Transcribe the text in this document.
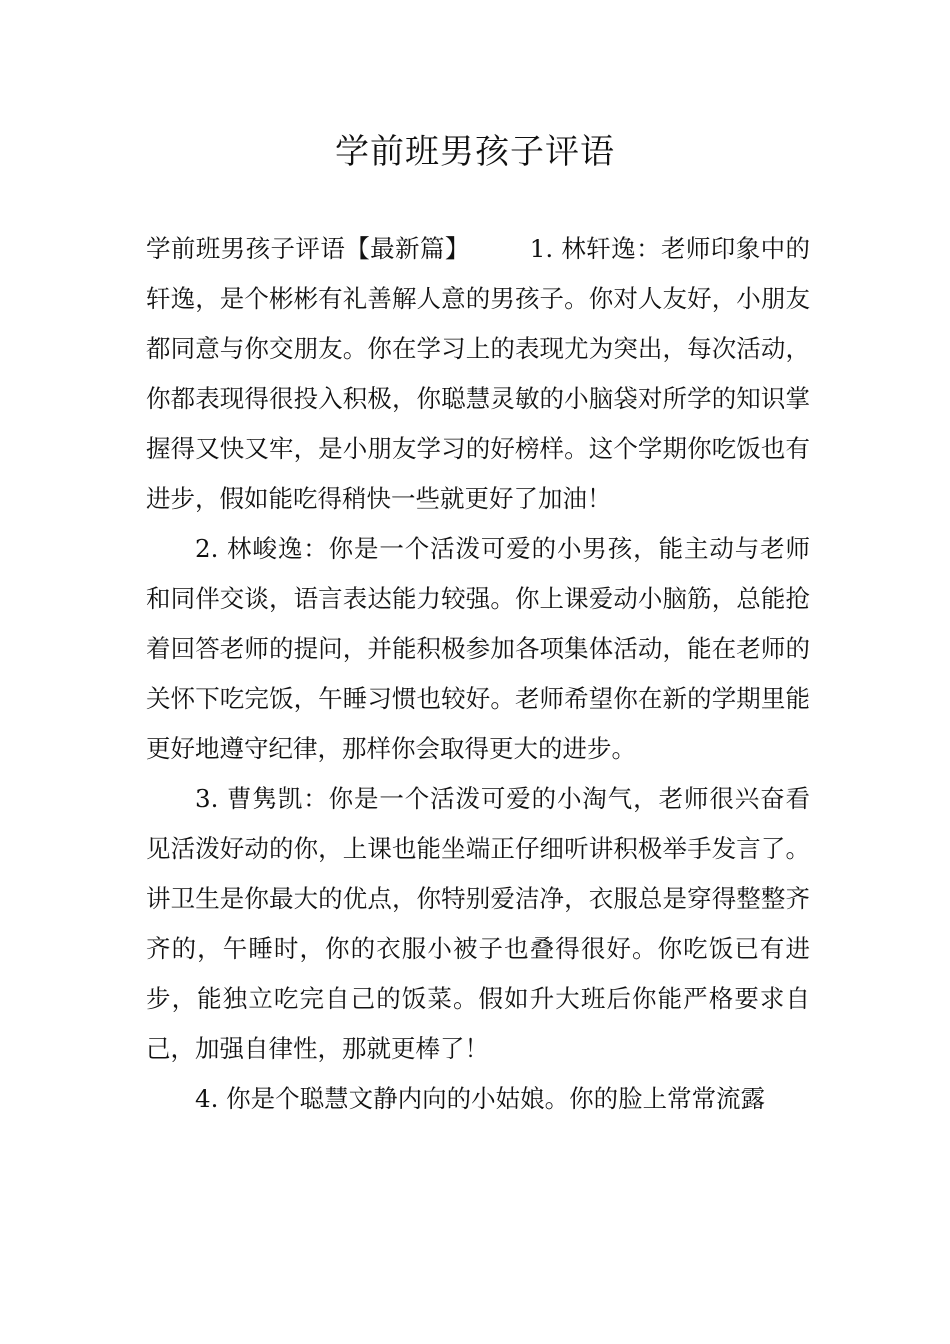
学前班男孩子评语

学前班男孩子评语【最新篇】 1. 林轩逸：老师印象中的轩逸，是个彬彬有礼善解人意的男孩子。你对人友好，小朋友都同意与你交朋友。你在学习上的表现尤为突出，每次活动，你都表现得很投入积极，你聪慧灵敏的小脑袋对所学的知识掌握得又快又牢，是小朋友学习的好榜样。这个学期你吃饭也有进步，假如能吃得稍快一些就更好了加油！

2. 林峻逸：你是一个活泼可爱的小男孩，能主动与老师和同伴交谈，语言表达能力较强。你上课爱动小脑筋，总能抢着回答老师的提问，并能积极参加各项集体活动，能在老师的关怀下吃完饭，午睡习惯也较好。老师希望你在新的学期里能更好地遵守纪律，那样你会取得更大的进步。

3. 曹隽凯：你是一个活泼可爱的小淘气，老师很兴奋看见活泼好动的你，上课也能坐端正仔细听讲积极举手发言了。讲卫生是你最大的优点，你特别爱洁净，衣服总是穿得整整齐齐的，午睡时，你的衣服小被子也叠得很好。你吃饭已有进步，能独立吃完自己的饭菜。假如升大班后你能严格要求自己，加强自律性，那就更棒了！

4. 你是个聪慧文静内向的小姑娘。你的脸上常常流露
